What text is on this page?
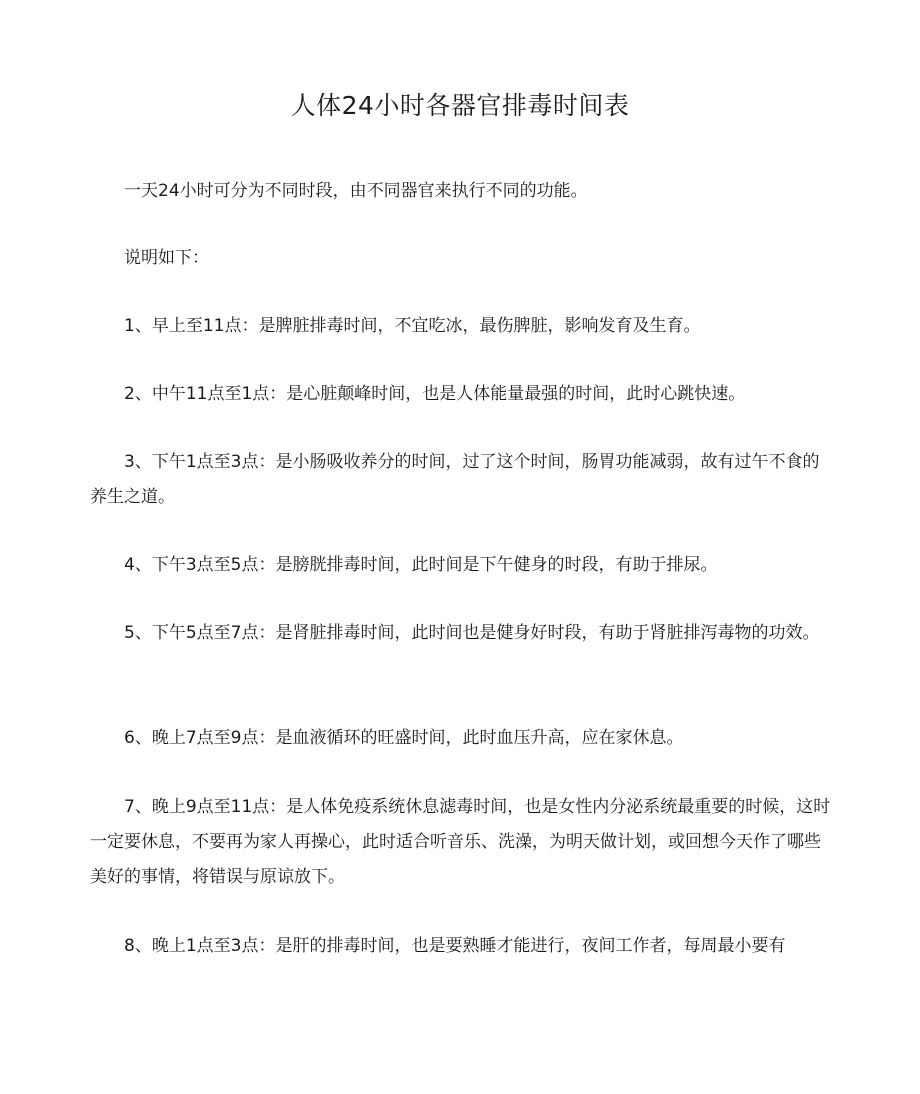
人体24小时各器官排毒时间表

一天24小时可分为不同时段，由不同器官来执行不同的功能。

说明如下：

1、早上至11点：是脾脏排毒时间，不宜吃冰，最伤脾脏，影响发育及生育。

2、中午11点至1点：是心脏颠峰时间，也是人体能量最强的时间，此时心跳快速。

3、下午1点至3点：是小肠吸收养分的时间，过了这个时间，肠胃功能减弱，故有过午不食的养生之道。

4、下午3点至5点：是膀胱排毒时间，此时间是下午健身的时段，有助于排尿。

5、下午5点至7点：是肾脏排毒时间，此时间也是健身好时段，有助于肾脏排泻毒物的功效。

6、晚上7点至9点：是血液循环的旺盛时间，此时血压升高，应在家休息。

7、晚上9点至11点：是人体免疫系统休息滤毒时间，也是女性内分泌系统最重要的时候，这时一定要休息，不要再为家人再操心，此时适合听音乐、洗澡，为明天做计划，或回想今天作了哪些美好的事情，将错误与原谅放下。

8、晚上1点至3点：是肝的排毒时间，也是要熟睡才能进行，夜间工作者，每周最小要有
